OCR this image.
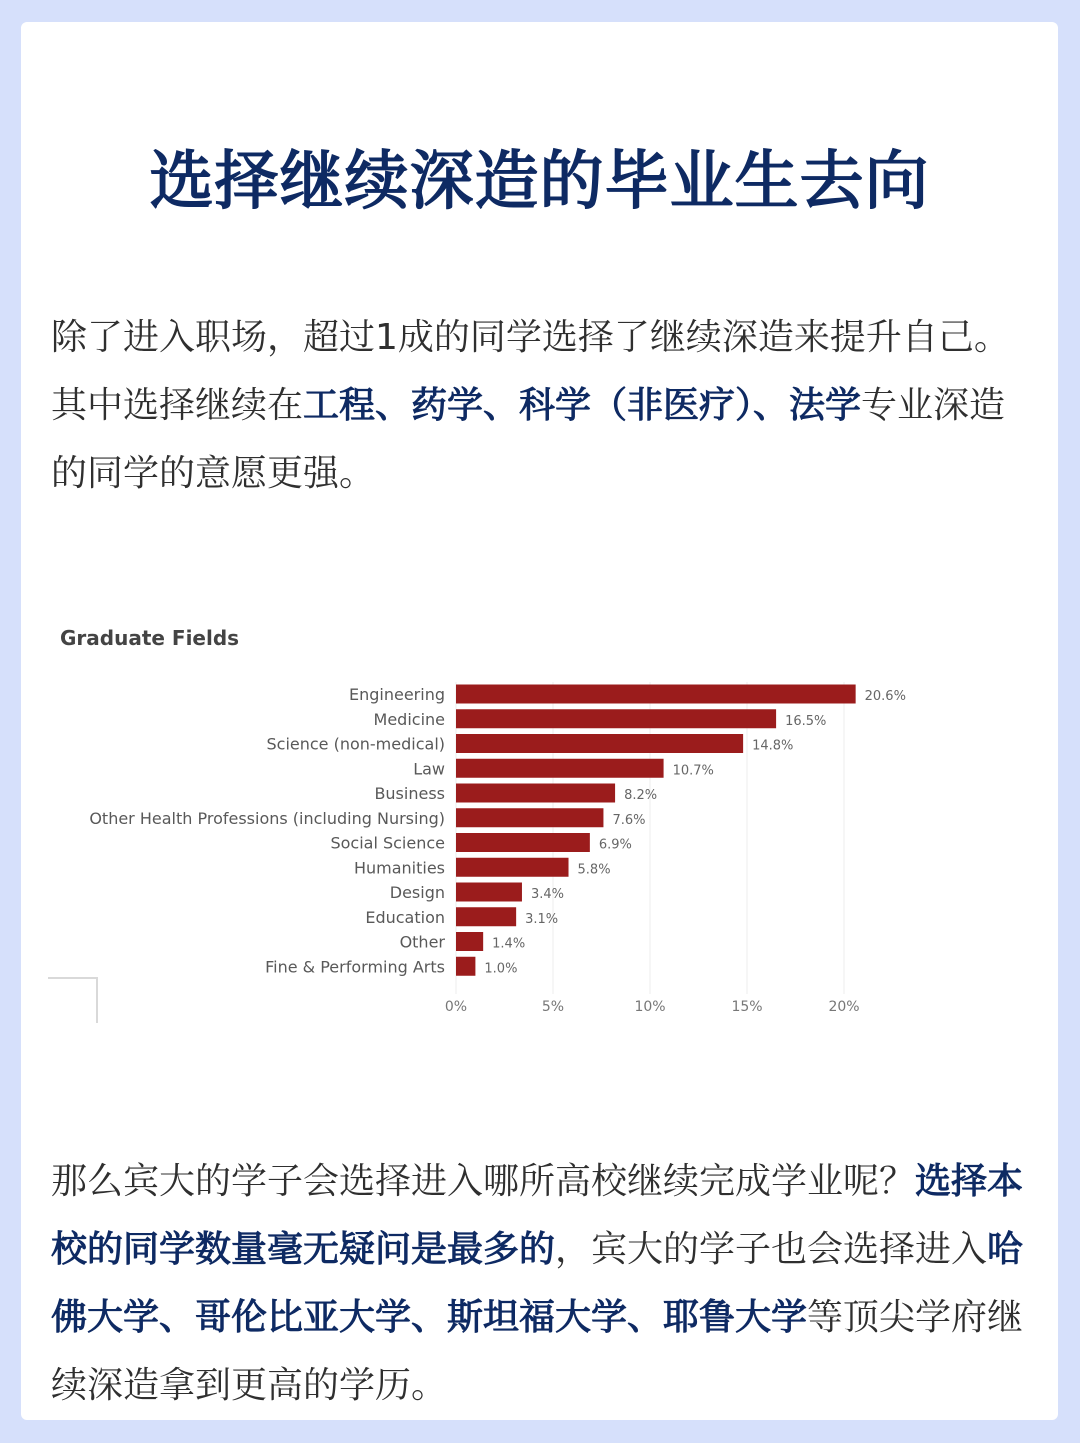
选择继续深造的毕业生去向
除了进入职场，超过1成的同学选择了继续深造来提升自己。其中选择继续在工程、药学、科学（非医疗）、法学专业深造的同学的意愿更强。
Graduate Fields
0%	5%	10%	15%	20%
Engineering	20.6%
Medicine	16.5%
Science (non-medical)	14.8%
Law	10.7%
Business	8.2%
Other Health Professions (including Nursing)	7.6%
Social Science	6.9%
Humanities	5.8%
Design	3.4%
Education	3.1%
Other	1.4%
Fine & Performing Arts	1.0%
那么宾大的学子会选择进入哪所高校继续完成学业呢？选择本校的同学数量毫无疑问是最多的，宾大的学子也会选择进入哈佛大学、哥伦比亚大学、斯坦福大学、耶鲁大学等顶尖学府继续深造拿到更高的学历。
